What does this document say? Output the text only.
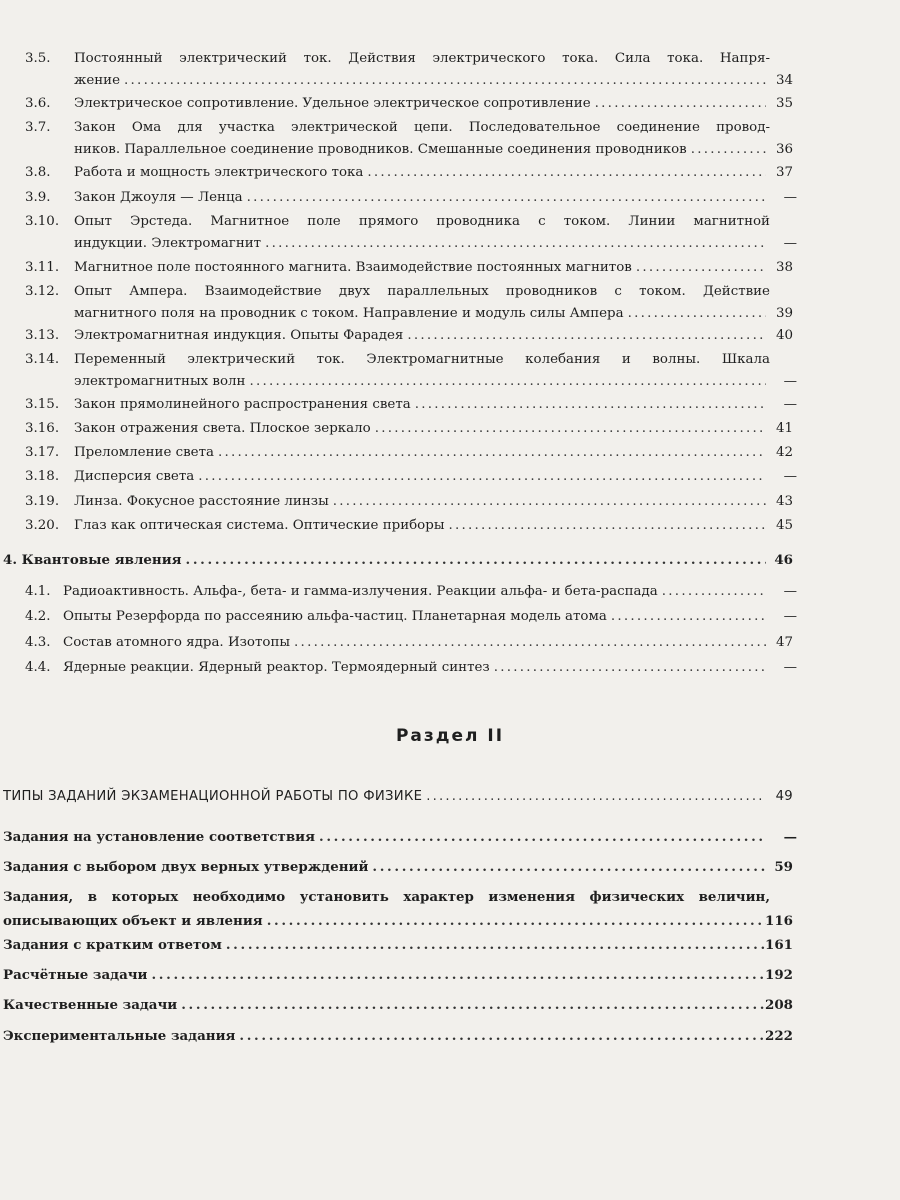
3.5. Постоянный электрический ток. Действия электрического тока. Сила тока. Напря-
жение . . .	34
3.6. Электрическое сопротивление. Удельное электрическое сопротивление . . .	35
3.7. Закон Ома для участка электрической цепи. Последовательное соединение провод-
ников. Параллельное соединение проводников. Смешанные соединения проводников . . .	36
3.8. Работа и мощность электрического тока . . .	37
3.9. Закон Джоуля — Ленца . . .	—
3.10. Опыт Эрстеда. Магнитное поле прямого проводника с током. Линии магнитной
индукции. Электромагнит . . .	—
3.11. Магнитное поле постоянного магнита. Взаимодействие постоянных магнитов . . .	38
3.12. Опыт Ампера. Взаимодействие двух параллельных проводников с током. Действие
магнитного поля на проводник с током. Направление и модуль силы Ампера . . .	39
3.13. Электромагнитная индукция. Опыты Фарадея . . .	40
3.14. Переменный электрический ток. Электромагнитные колебания и волны. Шкала
электромагнитных волн . . .	—
3.15. Закон прямолинейного распространения света . . .	—
3.16. Закон отражения света. Плоское зеркало . . .	41
3.17. Преломление света . . .	42
3.18. Дисперсия света . . .	—
3.19. Линза. Фокусное расстояние линзы . . .	43
3.20. Глаз как оптическая система. Оптические приборы . . .	45
4. Квантовые явления . . .	46
4.1. Радиоактивность. Альфа-, бета- и гамма-излучения. Реакции альфа- и бета-распада . . .	—
4.2. Опыты Резерфорда по рассеянию альфа-частиц. Планетарная модель атома . . .	—
4.3. Состав атомного ядра. Изотопы . . .	47
4.4. Ядерные реакции. Ядерный реактор. Термоядерный синтез . . .	—
ТИПЫ ЗАДАНИЙ ЭКЗАМЕНАЦИОННОЙ РАБОТЫ ПО ФИЗИКЕ . . .	49
Задания на установление соответствия . . .	—
Задания с выбором двух верных утверждений . . .	59
Задания, в которых необходимо установить характер изменения физических величин,
описывающих объект и явления . . .	116
Задания с кратким ответом . . .	161
Расчётные задачи . . .	192
Качественные задачи . . .	208
Экспериментальные задания . . .	222
Раздел II
